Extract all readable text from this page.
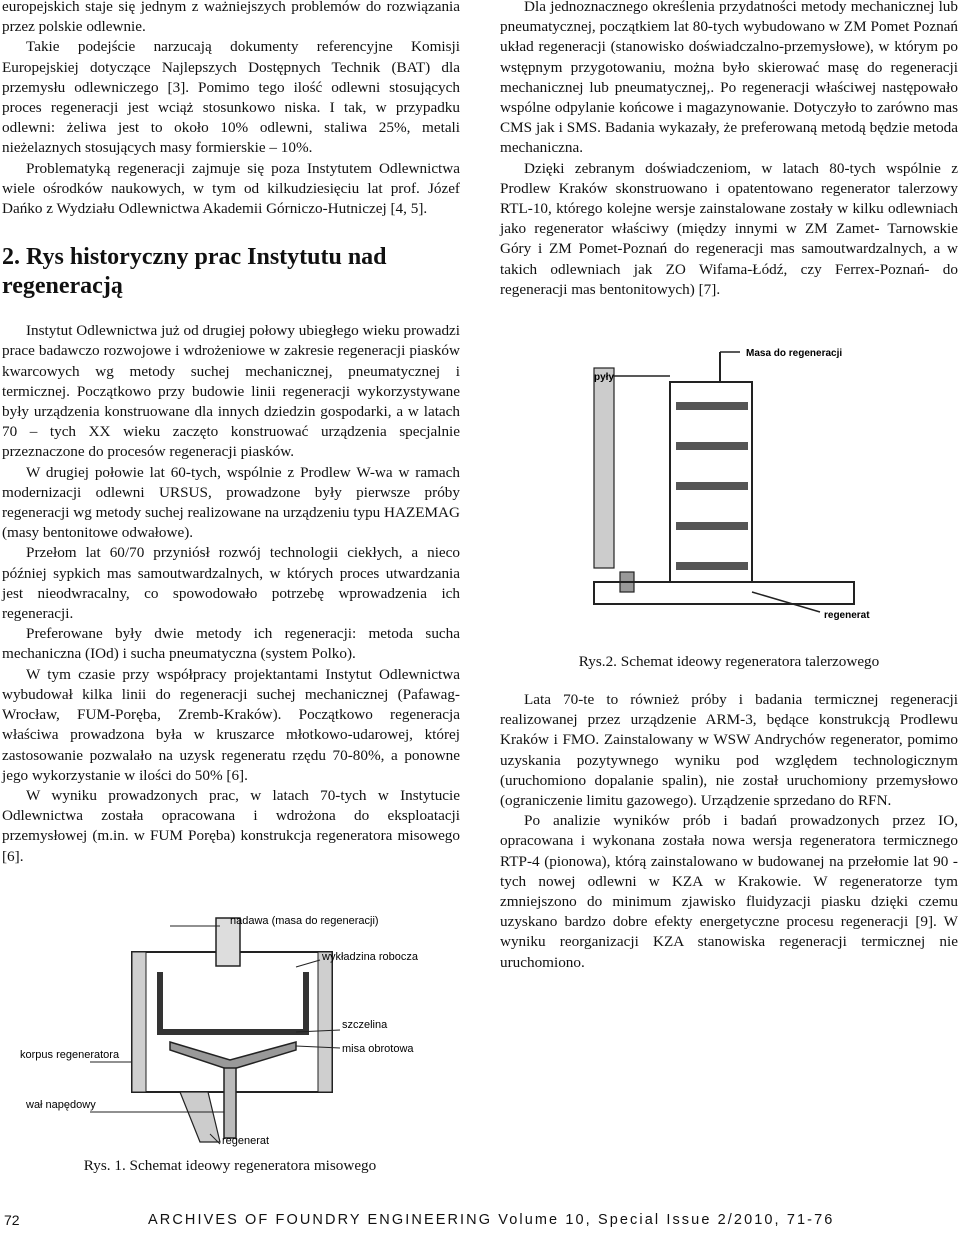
europejskich staje się jednym z ważniejszych problemów do rozwiązania przez polskie odlewnie.

Takie podejście narzucają dokumenty referencyjne Komisji Europejskiej dotyczące Najlepszych Dostępnych Technik (BAT) dla przemysłu odlewniczego [3]. Pomimo tego ilość odlewni stosujących proces regeneracji jest wciąż stosunkowo niska. I tak, w przypadku odlewni: żeliwa jest to około 10% odlewni, staliwa 25%, metali nieżelaznych stosujących masy formierskie – 10%.

Problematyką regeneracji zajmuje się poza Instytutem Odlewnictwa wiele ośrodków naukowych, w tym od kilkudziesięciu lat prof. Józef Dańko z Wydziału Odlewnictwa Akademii Górniczo-Hutniczej [4, 5].

2. Rys historyczny prac Instytutu nad regeneracją

Instytut Odlewnictwa już od drugiej połowy ubiegłego wieku prowadzi prace badawczo rozwojowe i wdrożeniowe w zakresie regeneracji piasków kwarcowych wg metody suchej mechanicznej, pneumatycznej i termicznej. Początkowo przy budowie linii regeneracji wykorzystywane były urządzenia konstruowane dla innych dziedzin gospodarki, a w latach 70 – tych XX wieku zaczęto konstruować urządzenia specjalnie przeznaczone do procesów regeneracji piasków.

W drugiej połowie lat 60-tych, wspólnie z Prodlew W-wa w ramach modernizacji odlewni URSUS, prowadzone były pierwsze próby regeneracji wg metody suchej realizowane na urządzeniu typu HAZEMAG (masy bentonitowe odwałowe).

Przełom lat 60/70 przyniósł rozwój technologii ciekłych, a nieco później sypkich mas samoutwardzalnych, w których proces utwardzania jest nieodwracalny, co spowodowało potrzebę wprowadzenia ich regeneracji.

Preferowane były dwie metody ich regeneracji: metoda sucha mechaniczna (IOd) i sucha pneumatyczna (system Polko).

W tym czasie przy współpracy projektantami Instytut Odlewnictwa wybudował kilka linii do regeneracji suchej mechanicznej (Pafawag-Wrocław, FUM-Poręba, Zremb-Kraków). Początkowo regeneracja właściwa prowadzona była w kruszarce młotkowo-udarowej, której zastosowanie pozwalało na uzysk regeneratu rzędu 70-80%, a ponowne jego wykorzystanie w ilości do 50% [6].

W wyniku prowadzonych prac, w latach 70-tych w Instytucie Odlewnictwa została opracowana i wdrożona do eksploatacji przemysłowej (m.in. w FUM Poręba) konstrukcja regeneratora misowego [6].

nadawa (masa do regeneracji)
wykładzina robocza
szczelina
misa obrotowa
korpus regeneratora
wał napędowy
regenerat
Rys. 1. Schemat ideowy regeneratora misowego

Dla jednoznacznego określenia przydatności metody mechanicznej lub pneumatycznej, początkiem lat 80-tych wybudowano w ZM Pomet Poznań układ regeneracji (stanowisko doświadczalno-przemysłowe), w którym po wstępnym przygotowaniu, można było skierować masę do regeneracji mechanicznej lub pneumatycznej,. Po regeneracji właściwej następowało wspólne odpylanie końcowe i magazynowanie. Dotyczyło to zarówno mas CMS jak i SMS. Badania wykazały, że preferowaną metodą będzie metoda mechaniczna.

Dzięki zebranym doświadczeniom, w latach 80-tych wspólnie z Prodlew Kraków skonstruowano i opatentowano regenerator talerzowy RTL-10, którego kolejne wersje zainstalowane zostały w kilku odlewniach jako regenerator właściwy (między innymi w ZM Zamet- Tarnowskie Góry i ZM Pomet-Poznań do regeneracji mas samoutwardzalnych, a w takich odlewniach jak ZO Wifama-Łódź, czy Ferrex-Poznań- do regeneracji mas bentonitowych) [7].

Masa do regeneracji
pyły
regenerat
Rys.2. Schemat ideowy regeneratora talerzowego

Lata 70-te to również próby i badania termicznej regeneracji realizowanej przez urządzenie ARM-3, będące konstrukcją Prodlewu Kraków i FMO. Zainstalowany w WSW Andrychów regenerator, pomimo uzyskania pozytywnego wyniku pod względem technologicznym (uruchomiono dopalanie spalin), nie został uruchomiony przemysłowo (ograniczenie limitu gazowego). Urządzenie sprzedano do RFN.

Po analizie wyników prób i badań prowadzonych przez IO, opracowana i wykonana została nowa wersja regeneratora termicznego RTP-4 (pionowa), którą zainstalowano w budowanej na przełomie lat 90 - tych nowej odlewni w KZA w Krakowie. W regeneratorze tym zmniejszono do minimum zjawisko fluidyzacji piasku dzięki czemu uzyskano bardzo dobre efekty energetyczne procesu regeneracji [9]. W wyniku reorganizacji KZA stanowiska regeneracji termicznej nie uruchomiono.

72	ARCHIVES OF FOUNDRY ENGINEERING Volume 10, Special Issue 2/2010, 71-76
